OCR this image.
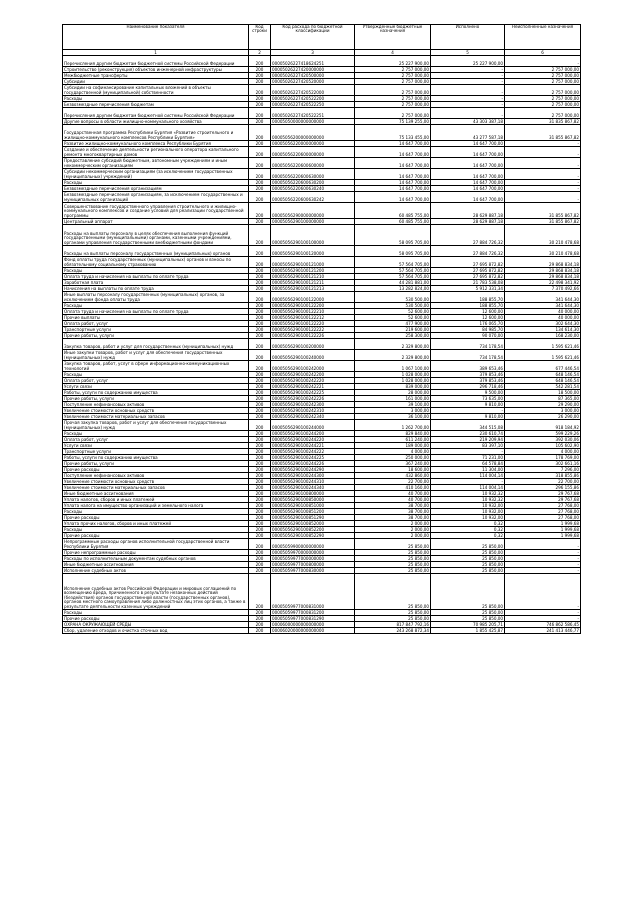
Наименование показателя	Код строки	Код расхода по бюджетной классификации	Утвержденные бюджетные назначения	Исполнено	Неисполненные назначения
1	2	3	4	5	6
Перечисления другим бюджетам бюджетной системы Российской Федерации	200	00005026227418624251	25 227 900,00	25 227 900,00	-
Строительство (реконструкция) объектов инженерной инфраструктуры	200	00005026227420000000	2 757 000,00	-	2 757 000,00
Межбюджетные трансферты	200	00005026227420500000	2 757 000,00	-	2 757 000,00
Субсидии	200	00005026227420520000	2 757 000,00	-	2 757 000,00
Субсидии на софинансирование капитальных вложений в объекты государственной (муниципальной) собственности	200	00005026227420522000	2 757 000,00	-	2 757 000,00
Расходы	200	00005026227420522200	2 757 000,00	-	2 757 000,00
Безвозмездные перечисления бюджетам	200	00005026227420522250	2 757 000,00	-	2 757 000,00
Перечисления другим бюджетам бюджетной системы Российской Федерации	200	00005026227420522251	2 757 000,00	-	2 757 000,00
Другие вопросы в области жилищно-коммунального хозяйства	200	00005050000000000000	75 139 255,00	43 303 387,18	31 835 867,82
Государственная программа Республики Бурятия «Развитие строительного и жилищно-коммунального комплексов Республики Бурятия»	200	00005056200000000000	75 133 455,00	43 277 587,18	31 855 867,82
Развитие жилищно-коммунального комплекса Республики Бурятия	200	00005056220000000000	14 647 700,00	14 647 700,00	-
Создание и обеспечение деятельности регионального оператора капитального ремонта многоквартирных домов	200	00005056220600000000	14 647 700,00	14 647 700,00	-
Предоставление субсидий бюджетным, автономным учреждениям и иным некоммерческим организациям	200	00005056220600600000	14 647 700,00	14 647 700,00	-
Субсидии некоммерческим организациям (за исключением государственных (муниципальных) учреждений)	200	00005056220600630000	14 647 700,00	14 647 700,00	-
Расходы	200	00005056220600630200	14 647 700,00	14 647 700,00	-
Безвозмездные перечисления организациям	200	00005056220600630240	14 647 700,00	14 647 700,00	-
Безвозмездные перечисления организациям, за исключением государственных и муниципальных организаций	200	00005056220600630242	14 647 700,00	14 647 700,00	-
Совершенствование государственного управления строительного и жилищно-коммунального комплексов и создание условий для реализации государственной программы	200	00005056290000000000	60 485 755,00	28 629 887,18	31 855 867,82
Центральный аппарат	200	00005056290100000000	60 485 755,00	28 629 887,18	31 855 867,82
Расходы на выплаты персоналу в целях обеспечения выполнения функций государственными (муниципальными) органами, казенными учреждениями, органами управления государственными внебюджетными фондами	200	00005056290100100000	58 095 705,00	27 884 726,32	30 210 478,68
Расходы на выплаты персоналу государственных (муниципальных) органов	200	00005056290100120000	58 095 705,00	27 884 726,32	30 210 478,68
Фонд оплаты труда государственных (муниципальных) органов и взносы по обязательному социальному страхованию	200	00005056290100121000	57 564 705,00	27 695 872,82	29 868 834,18
Расходы	200	00005056290100121200	57 564 705,00	27 695 872,82	29 868 834,18
Оплата труда и начисления на выплаты по оплате труда	200	00005056290100121210	57 564 705,00	27 695 872,82	29 868 834,18
Заработная плата	200	00005056290100121211	44 281 881,00	21 783 538,08	22 498 341,92
Начисления на выплаты по оплате труда	200	00005056290100121213	13 282 824,00	5 912 331,34	7 370 492,66
Иные выплаты персоналу государственных (муниципальных) органов, за исключением фонда оплаты труда	200	00005056290100122000	530 500,00	188 855,70	341 644,30
Расходы	200	00005056290100122200	530 500,00	188 855,70	341 644,30
Оплата труда и начисления на выплаты по оплате труда	200	00005056290100122210	52 600,00	12 600,00	40 000,00
Прочие выплаты	200	00005056290100122212	52 600,00	12 600,00	40 000,00
Оплата работ, услуг	200	00005056290100122220	477 900,00	176 065,70	302 644,30
Транспортные услуги	200	00005056290100122222	219 600,00	84 985,70	134 614,30
Прочие работы, услуги	200	00005056290100122226	258 300,00	90 070,00	168 230,00
Закупка товаров, работ и услуг для государственных (муниципальных) нужд	200	00005056290100200000	2 329 800,00	734 178,54	1 595 621,46
Иные закупки товаров, работ и услуг для обеспечения государственных (муниципальных) нужд	200	00005056290100240000	2 329 800,00	734 178,54	1 595 621,46
Закупка товаров, работ, услуг в сфере информационно-коммуникационных технологий	200	00005056290100242000	1 067 100,00	389 653,46	677 446,54
Расходы	200	00005056290100242200	1 028 000,00	379 853,46	648 146,54
Оплата работ, услуг	200	00005056290100242220	1 028 000,00	379 853,46	648 146,54
Услуги связи	200	00005056290100242221	839 000,00	296 718,46	542 281,54
Работы, услуги по содержанию имущества	200	00005056290100242225	28 000,00	9 500,00	18 500,00
Прочие работы, услуги	200	00005056290100242226	161 000,00	73 635,00	87 365,00
Поступление нефинансовых активов	200	00005056290100242300	39 100,00	9 810,00	29 290,00
Увеличение стоимости основных средств	200	00005056290100242310	3 000,00	-	3 000,00
Увеличение стоимости материальных запасов	200	00005056290100242340	36 100,00	9 810,00	26 290,00
Прочая закупка товаров, работ и услуг для обеспечения государственных (муниципальных) нужд	200	00005056290100244000	1 262 700,00	344 515,08	918 184,92
Расходы	200	00005056290100244200	829 840,00	230 610,74	599 229,26
Оплата работ, услуг	200	00005056290100244220	611 240,00	219 209,94	392 030,06
Услуги связи	200	00005056290100244221	189 000,00	83 397,10	105 602,90
Транспортные услуги	200	00005056290100244222	4 000,00	-	4 000,00
Работы, услуги по содержанию имущества	200	00005056290100244225	250 000,00	71 231,00	178 769,00
Прочие работы, услуги	200	00005056290100244226	367 240,00	64 578,84	302 661,16
Прочие расходы	200	00005056290100244290	18 600,00	11 304,00	7 296,00
Поступление нефинансовых активов	200	00005056290100244300	432 860,00	114 004,14	318 855,86
Увеличение стоимости основных средств	200	00005056290100244310	22 700,00	-	22 700,00
Увеличение стоимости материальных запасов	200	00005056290100244340	410 160,00	114 004,14	296 155,86
Иные бюджетные ассигнования	200	00005056290100800000	40 700,00	10 932,32	29 767,68
Уплата налогов, сборов и иных платежей	200	00005056290100850000	40 700,00	10 932,32	29 767,68
Уплата налога на имущество организаций и земельного налога	200	00005056290100851000	38 700,00	10 932,00	27 768,00
Расходы	200	00005056290100851200	38 700,00	10 932,00	27 768,00
Прочие расходы	200	00005056290100851290	38 700,00	10 932,00	27 768,00
Уплата прочих налогов, сборов и иных платежей	200	00005056290100852000	2 000,00	0,32	1 999,68
Расходы	200	00005056290100852200	2 000,00	0,32	1 999,68
Прочие расходы	200	00005056290100852290	2 000,00	0,32	1 999,68
Непрограммные расходы органов исполнительной государственной власти Республики Бурятия	200	00005059900000000000	25 850,00	25 850,00	-
Прочие непрограммные расходы	200	00005059970000000000	25 850,00	25 850,00	-
Расходы по исполнительным документам судебных органов	200	00005059977000000000	25 850,00	25 850,00	-
Иные бюджетные ассигнования	200	00005059977000800000	25 850,00	25 850,00	-
Исполнение судебных актов	200	00005059977000830000	25 850,00	25 850,00	-
Исполнение судебных актов Российской Федерации и мировых соглашений по возмещению вреда, причиненного в результате незаконных действий (бездействия) органов государственной власти (государственных органов), органов местного самоуправления либо должностных лиц этих органов, а также в результате деятельности казенных учреждений	200	00005059977000831000	25 850,00	25 850,00	-
Расходы	200	00005059977000831200	25 850,00	25 850,00	-
Прочие расходы	200	00005059977000831290	25 850,00	25 850,00	-
ОХРАНА ОКРУЖАЮЩЕЙ СРЕДЫ	200	00006000000000000000	817 847 792,16	70 985 205,71	746 862 586,45
Сбор, удаление отходов и очистка сточных вод	200	00006020000000000000	243 268 872,34	1 855 425,87	241 413 446,77
